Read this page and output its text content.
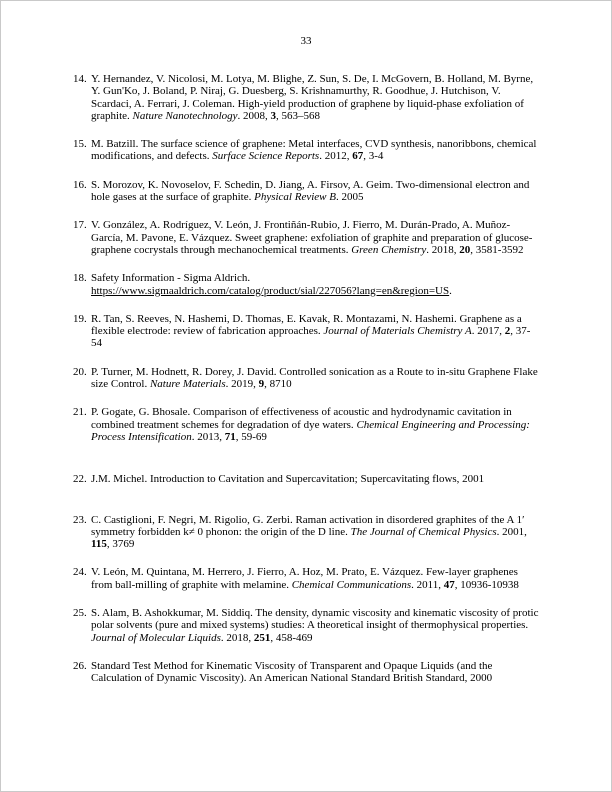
33

14. Y. Hernandez, V. Nicolosi, M. Lotya, M. Blighe, Z. Sun, S. De, I. McGovern, B. Holland, M. Byrne, Y. Gun'Ko, J. Boland, P. Niraj, G. Duesberg, S. Krishnamurthy, R. Goodhue, J. Hutchison, V. Scardaci, A. Ferrari, J. Coleman. High-yield production of graphene by liquid-phase exfoliation of graphite. Nature Nanotechnology. 2008, 3, 563–568

15. M. Batzill. The surface science of graphene: Metal interfaces, CVD synthesis, nanoribbons, chemical modifications, and defects. Surface Science Reports. 2012, 67, 3-4

16. S. Morozov, K. Novoselov, F. Schedin, D. Jiang, A. Firsov, A. Geim. Two-dimensional electron and hole gases at the surface of graphite. Physical Review B. 2005

17. V. González, A. Rodríguez, V. León, J. Frontiñán-Rubio, J. Fierro, M. Durán-Prado, A. Muñoz-García, M. Pavone, E. Vázquez. Sweet graphene: exfoliation of graphite and preparation of glucose-graphene cocrystals through mechanochemical treatments. Green Chemistry. 2018, 20, 3581-3592

18. Safety Information - Sigma Aldrich.
https://www.sigmaaldrich.com/catalog/product/sial/227056?lang=en&region=US.

19. R. Tan, S. Reeves, N. Hashemi, D. Thomas, E. Kavak, R. Montazami, N. Hashemi. Graphene as a flexible electrode: review of fabrication approaches. Journal of Materials Chemistry A. 2017, 2, 37-54

20. P. Turner, M. Hodnett, R. Dorey, J. David. Controlled sonication as a Route to in-situ Graphene Flake size Control. Nature Materials. 2019, 9, 8710

21. P. Gogate, G. Bhosale. Comparison of effectiveness of acoustic and hydrodynamic cavitation in combined treatment schemes for degradation of dye waters. Chemical Engineering and Processing: Process Intensification. 2013, 71, 59-69

22. J.M. Michel. Introduction to Cavitation and Supercavitation; Supercavitating flows, 2001

23. C. Castiglioni, F. Negri, M. Rigolio, G. Zerbi. Raman activation in disordered graphites of the A 1′ symmetry forbidden k≠ 0 phonon: the origin of the D line. The Journal of Chemical Physics. 2001, 115, 3769

24. V. León, M. Quintana, M. Herrero, J. Fierro, A. Hoz, M. Prato, E. Vázquez. Few-layer graphenes from ball-milling of graphite with melamine. Chemical Communications. 2011, 47, 10936-10938

25. S. Alam, B. Ashokkumar, M. Siddiq. The density, dynamic viscosity and kinematic viscosity of protic polar solvents (pure and mixed systems) studies: A theoretical insight of thermophysical properties. Journal of Molecular Liquids. 2018, 251, 458-469

26. Standard Test Method for Kinematic Viscosity of Transparent and Opaque Liquids (and the Calculation of Dynamic Viscosity). An American National Standard British Standard, 2000
